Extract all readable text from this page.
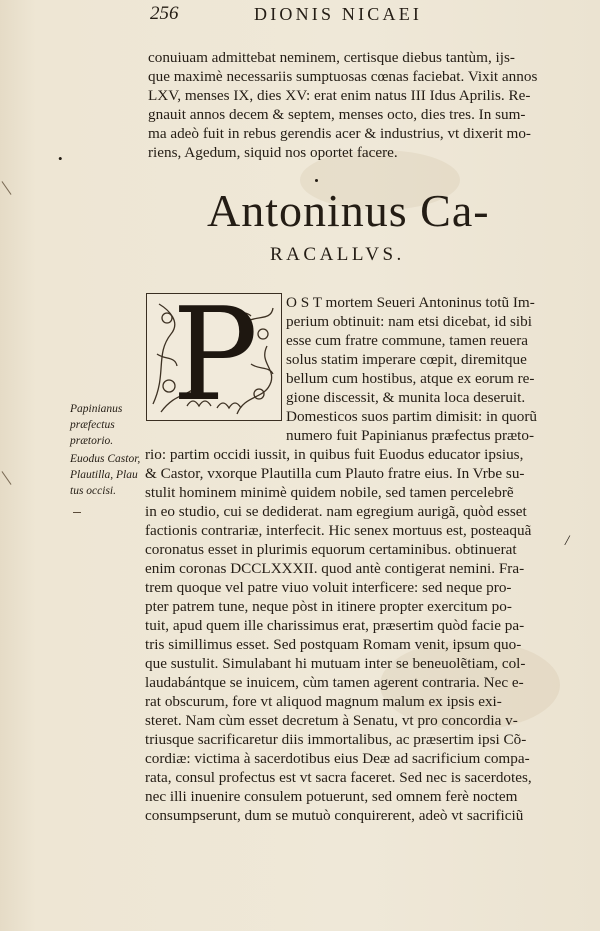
256	DIONIS NICAEI
conuiuam admittebat neminem, certisque diebus tantùm, ijs-
que maximè necessariis sumptuosas cœnas faciebat. Vixit annos
LXV, menses IX, dies XV: erat enim natus III Idus Aprilis. Re-
gnauit annos decem & septem, menses octo, dies tres. In sum-
ma adeò fuit in rebus gerendis acer & industrius, vt dixerit mo-
riens, Agedum, siquid nos oportet facere.
•
Antoninus Ca-
RACALLVS.
P	O S T mortem Seueri Antoninus totũ Im-
perium obtinuit: nam etsi dicebat, id sibi
esse cum fratre commune, tamen reuera
solus statim imperare cœpit, diremitque
bellum cum hostibus, atque ex eorum re-
gione discessit, & munita loca deseruit.
Domesticos suos partim dimisit: in quorũ
numero fuit Papinianus præfectus præto-
rio: partim occidi iussit, in quibus fuit Euodus educator ipsius,
& Castor, vxorque Plautilla cum Plauto fratre eius. In Vrbe su-
stulit hominem minimè quidem nobile, sed tamen percelebrẽ
in eo studio, cui se dediderat. nam egregium aurigã, quòd esset
factionis contrariæ, interfecit. Hic senex mortuus est, posteaquã
coronatus esset in plurimis equorum certaminibus. obtinuerat
enim coronas DCCLXXXII. quod antè contigerat nemini. Fra-
trem quoque vel patre viuo voluit interficere: sed neque pro-
pter patrem tune, neque pòst in itinere propter exercitum po-
tuit, apud quem ille charissimus erat, præsertim quòd facie pa-
tris simillimus esset. Sed postquam Romam venit, ipsum quo-
que sustulit. Simulabant hi mutuam inter se beneuolẽtiam, col-
laudabántque se inuicem, cùm tamen agerent contraria. Nec e-
rat obscurum, fore vt aliquod magnum malum ex ipsis exi-
steret. Nam cùm esset decretum à Senatu, vt pro concordia v-
triusque sacrificaretur diis immortalibus, ac præsertim ipsi Cõ-
cordiæ: victima à sacerdotibus eius Deæ ad sacrificium compa-
rata, consul profectus est vt sacra faceret. Sed nec is sacerdotes,
nec illi inuenire consulem potuerunt, sed omnem ferè noctem
consumpserunt, dum se mutuò conquirerent, adeò vt sacrificiũ
Papinianus
præfectus
prætorio.
Euodus Castor,
Plautilla, Plau
tus occisi.
/
